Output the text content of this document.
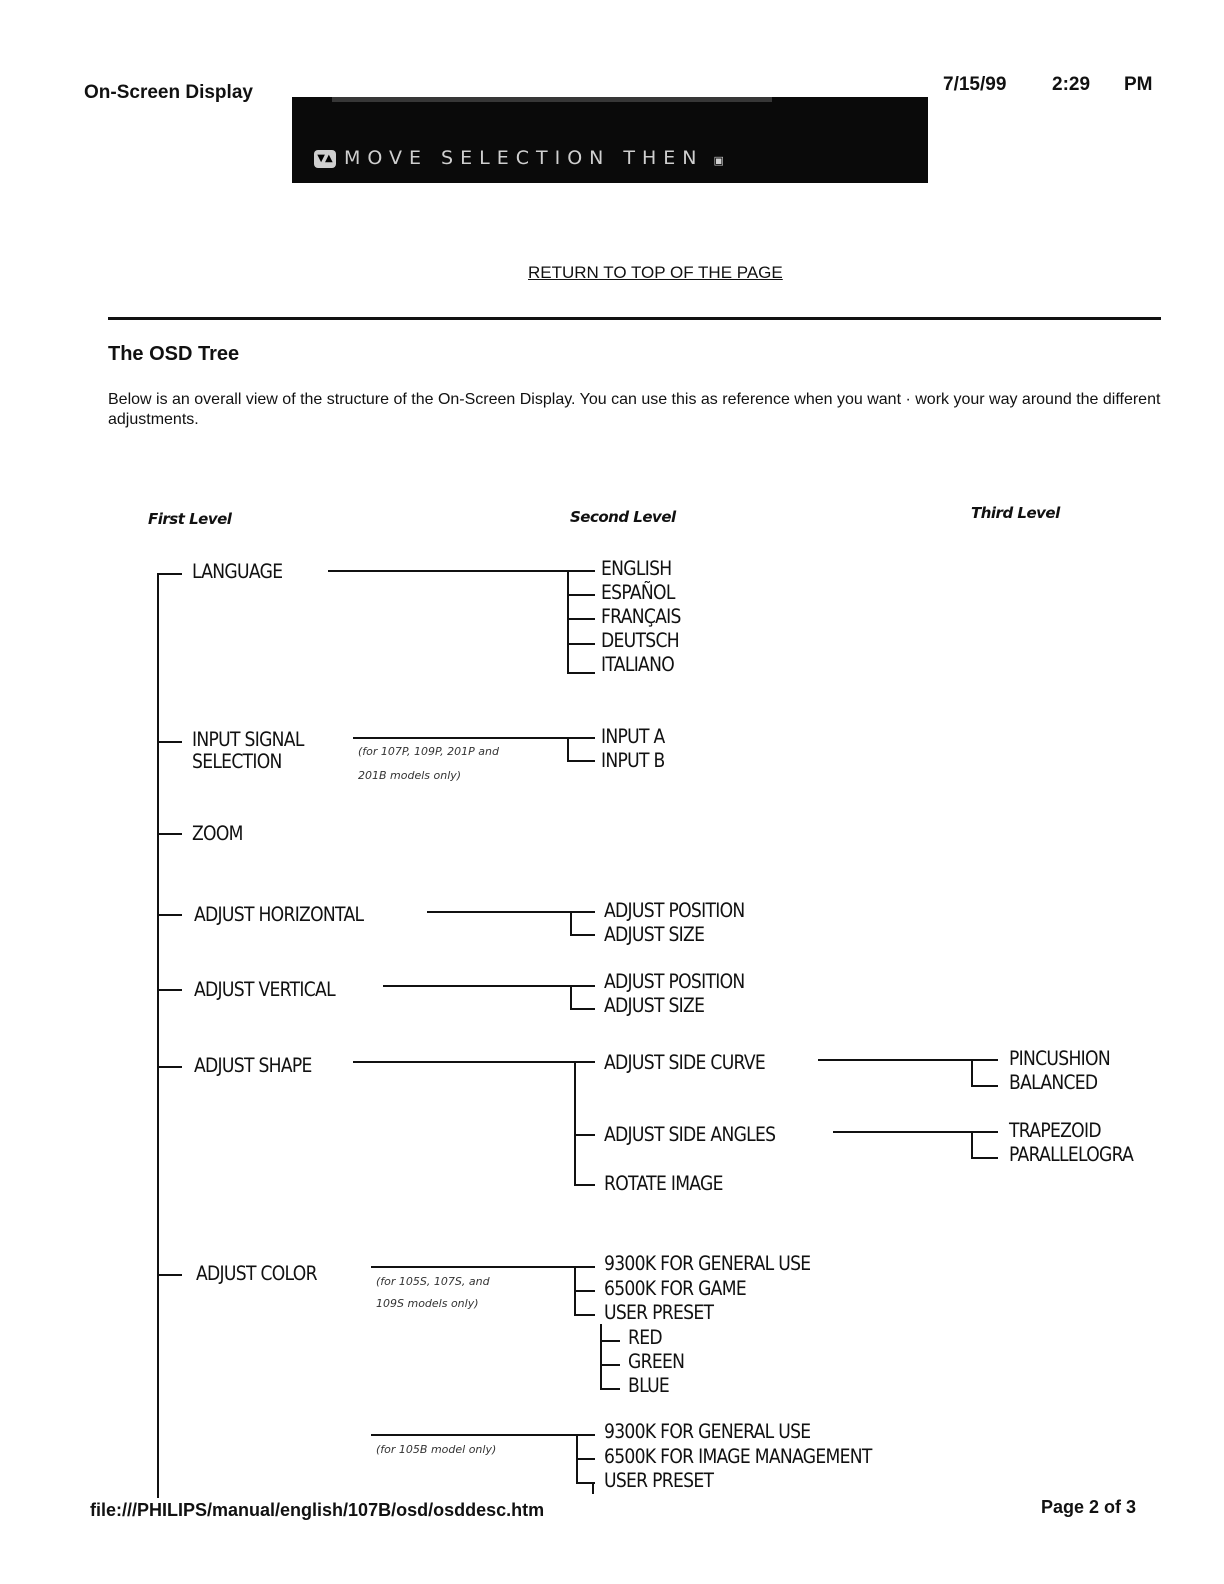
On-Screen Display	7/15/99 2:29 PM
▼▲ MOVE SELECTION THEN ▣
RETURN TO TOP OF THE PAGE
The OSD Tree
Below is an overall view of the structure of the On-Screen Display. You can use this as reference when you want · work your way around the different adjustments.
First Level	Second Level	Third Level
LANGUAGE	ENGLISH
ESPAÑOL
FRANÇAIS
DEUTSCH
ITALIANO
INPUT SIGNAL
SELECTION	(for 107P, 109P, 201P and
201B models only)
INPUT A
INPUT B
ZOOM
ADJUST HORIZONTAL	ADJUST POSITION
ADJUST SIZE
ADJUST VERTICAL	ADJUST POSITION
ADJUST SIZE
ADJUST SHAPE	ADJUST SIDE CURVE	PINCUSHION
BALANCED
ADJUST SIDE ANGLES	TRAPEZOID
PARALLELOGRA
ROTATE IMAGE
ADJUST COLOR	(for 105S, 107S, and
109S models only)
9300K FOR GENERAL USE
6500K FOR GAME
USER PRESET
RED
GREEN
BLUE
(for 105B model only)
9300K FOR GENERAL USE
6500K FOR IMAGE MANAGEMENT
USER PRESET
file:///PHILIPS/manual/english/107B/osd/osddesc.htm	Page 2 of 3
